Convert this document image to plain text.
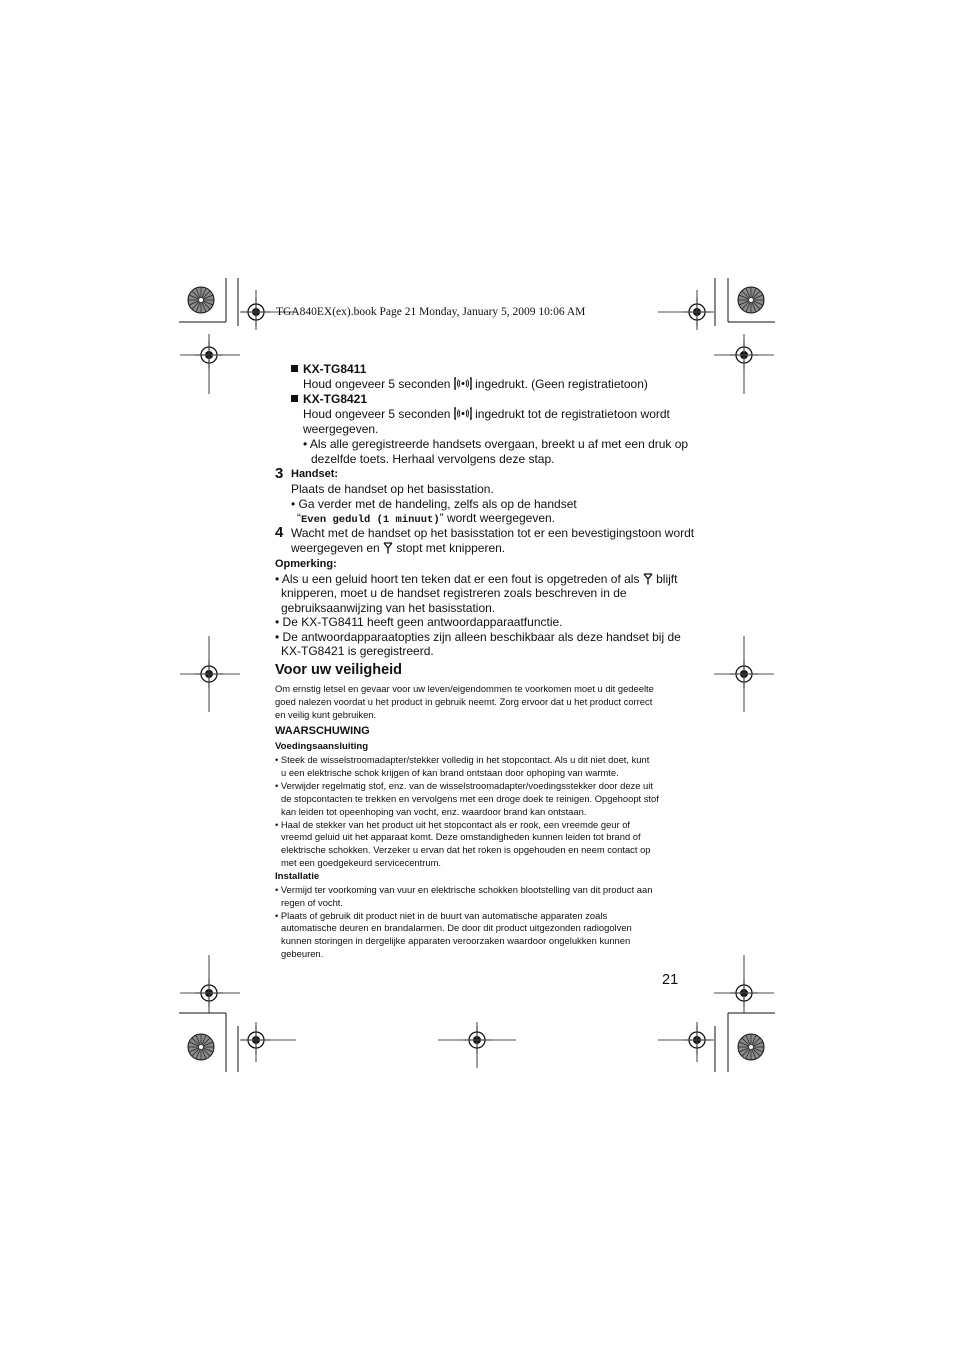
TGA840EX(ex).book Page 21 Monday, January 5, 2009 10:06 AM
KX-TG8411
Houd ongeveer 5 seconden  ingedrukt. (Geen registratietoon)
KX-TG8421
Houd ongeveer 5 seconden  ingedrukt tot de registratietoon wordt
weergegeven.
• Als alle geregistreerde handsets overgaan, breekt u af met een druk op
dezelfde toets. Herhaal vervolgens deze stap.
3 Handset:
Plaats de handset op het basisstation.
• Ga verder met de handeling, zelfs als op de handset
“Even geduld (1 minuut)” wordt weergegeven.
4 Wacht met de handset op het basisstation tot er een bevestigingstoon wordt
weergegeven en  stopt met knipperen.
Opmerking:
• Als u een geluid hoort ten teken dat er een fout is opgetreden of als  blijft
knipperen, moet u de handset registreren zoals beschreven in de
gebruiksaanwijzing van het basisstation.
• De KX-TG8411 heeft geen antwoordapparaatfunctie.
• De antwoordapparaatopties zijn alleen beschikbaar als deze handset bij de
KX-TG8421 is geregistreerd.
Voor uw veiligheid
Om ernstig letsel en gevaar voor uw leven/eigendommen te voorkomen moet u dit gedeelte
goed nalezen voordat u het product in gebruik neemt. Zorg ervoor dat u het product correct
en veilig kunt gebruiken.
WAARSCHUWING
Voedingsaansluiting
• Steek de wisselstroomadapter/stekker volledig in het stopcontact. Als u dit niet doet, kunt
u een elektrische schok krijgen of kan brand ontstaan door ophoping van warmte.
• Verwijder regelmatig stof, enz. van de wisselstroomadapter/voedingsstekker door deze uit
de stopcontacten te trekken en vervolgens met een droge doek te reinigen. Opgehoopt stof
kan leiden tot opeenhoping van vocht, enz. waardoor brand kan ontstaan.
• Haal de stekker van het product uit het stopcontact als er rook, een vreemde geur of
vreemd geluid uit het apparaat komt. Deze omstandigheden kunnen leiden tot brand of
elektrische schokken. Verzeker u ervan dat het roken is opgehouden en neem contact op
met een goedgekeurd servicecentrum.
Installatie
• Vermijd ter voorkoming van vuur en elektrische schokken blootstelling van dit product aan
regen of vocht.
• Plaats of gebruik dit product niet in de buurt van automatische apparaten zoals
automatische deuren en brandalarmen. De door dit product uitgezonden radiogolven
kunnen storingen in dergelijke apparaten veroorzaken waardoor ongelukken kunnen
gebeuren.
21
